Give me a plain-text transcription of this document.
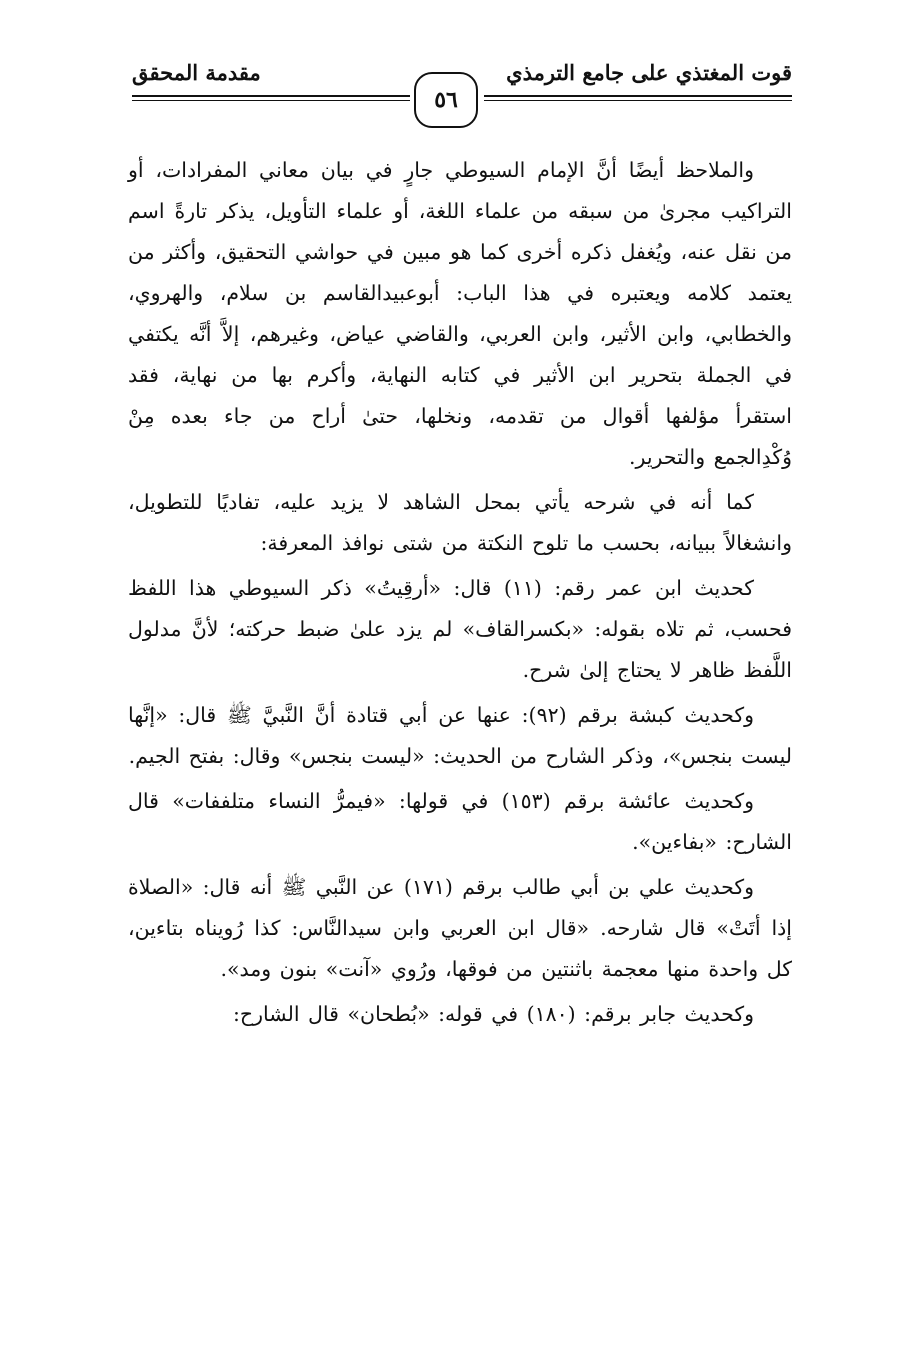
قوت المغتذي على جامع الترمذي
مقدمة المحقق
٥٦

والملاحظ أيضًا أنَّ الإمام السيوطي جارٍ في بيان معاني المفرادات، أو التراكيب مجرىٰ من سبقه من علماء اللغة، أو علماء التأويل، يذكر تارةً اسم من نقل عنه، ويُغفل ذكره أخرى كما هو مبين في حواشي التحقيق، وأكثر من يعتمد كلامه ويعتبره في هذا الباب: أبوعبيدالقاسم بن سلام، والهروي، والخطابي، وابن الأثير، وابن العربي، والقاضي عياض، وغيرهم، إلاَّ أنَّه يكتفي في الجملة بتحرير ابن الأثير في كتابه النهاية، وأكرم بها من نهاية، فقد استقرأ مؤلفها أقوال من تقدمه، ونخلها، حتىٰ أراح من جاء بعده مِنْ وُكْدِالجمع والتحرير.

كما أنه في شرحه يأتي بمحل الشاهد لا يزيد عليه، تفاديًا للتطويل، وانشغالاً ببيانه، بحسب ما تلوح النكتة من شتى نوافذ المعرفة:

كحديث ابن عمر رقم: (١١) قال: «أرقِيتُ» ذكر السيوطي هذا اللفظ فحسب، ثم تلاه بقوله: «بكسرالقاف» لم يزد علىٰ ضبط حركته؛ لأنَّ مدلول اللَّفظ ظاهر لا يحتاج إلىٰ شرح.

وكحديث كبشة برقم (٩٢): عنها عن أبي قتادة أنَّ النَّبيَّ ﷺ قال: «إنَّها ليست بنجس»، وذكر الشارح من الحديث: «ليست بنجس» وقال: بفتح الجيم.

وكحديث عائشة برقم (١٥٣) في قولها: «فيمرُّ النساء متلففات» قال الشارح: «بفاءين».

وكحديث علي بن أبي طالب برقم (١٧١) عن النَّبي ﷺ أنه قال: «الصلاة إذا أتَتْ» قال شارحه. «قال ابن العربي وابن سيدالنَّاس: كذا رُويناه بتاءين، كل واحدة منها معجمة باثنتين من فوقها، ورُوي «آنت» بنون ومد».

وكحديث جابر برقم: (١٨٠) في قوله: «بُطحان» قال الشارح:
